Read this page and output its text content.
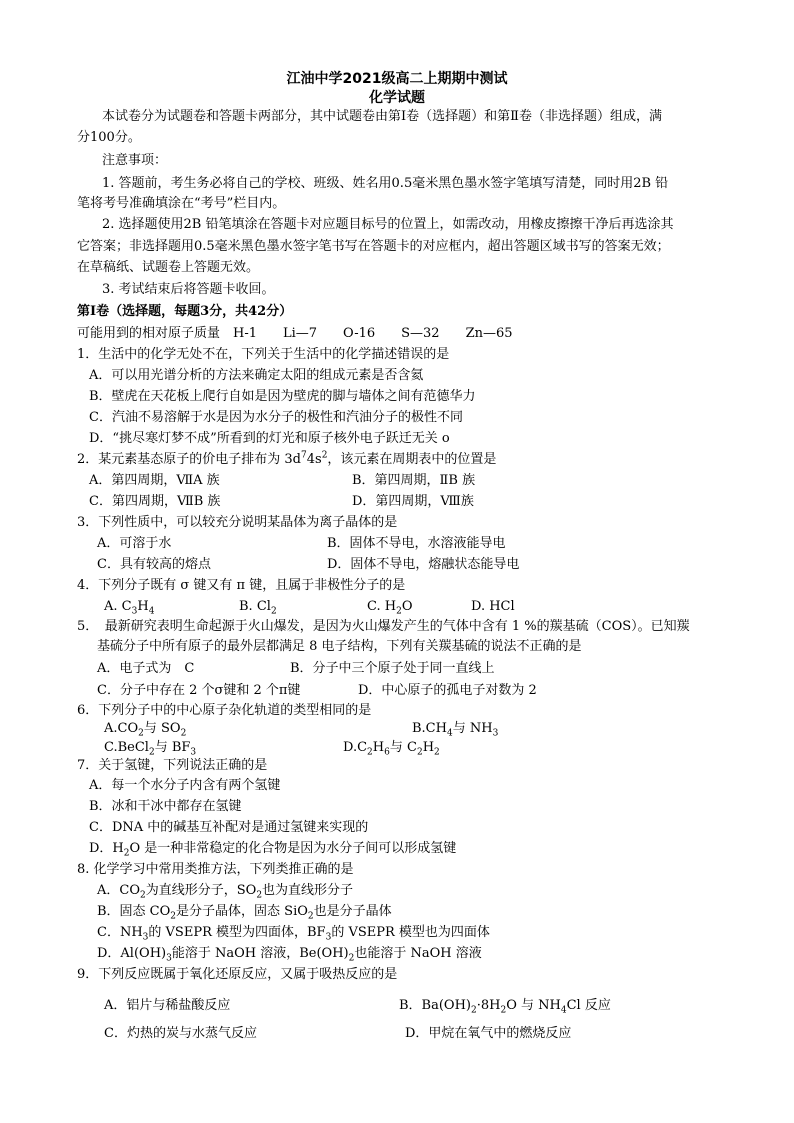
江油中学2021级高二上期期中测试
化学试题
本试卷分为试题卷和答题卡两部分，其中试题卷由第Ⅰ卷（选择题）和第Ⅱ卷（非选择题）组成，满
分100分。
注意事项：
1. 答题前，考生务必将自己的学校、班级、姓名用0.5毫米黑色墨水签字笔填写清楚，同时用2B 铅
笔将考号准确填涂在“考号”栏目内。
2. 选择题使用2B 铅笔填涂在答题卡对应题目标号的位置上，如需改动，用橡皮擦擦干净后再选涂其
它答案；非选择题用0.5毫米黑色墨水签字笔书写在答题卡的对应框内，超出答题区域书写的答案无效；
在草稿纸、试题卷上答题无效。
3. 考试结束后将答题卡收回。
第Ⅰ卷（选择题，每题3分，共42分）
可能用到的相对原子质量　H-1　　Li—7　　O-16　　S—32　　Zn—65
1．生活中的化学无处不在，下列关于生活中的化学描述错误的是
A．可以用光谱分析的方法来确定太阳的组成元素是否含氦
B．壁虎在天花板上爬行自如是因为壁虎的脚与墙体之间有范德华力
C．汽油不易溶解于水是因为水分子的极性和汽油分子的极性不同
D．“挑尽寒灯梦不成”所看到的灯光和原子核外电子跃迁无关 o
2．某元素基态原子的价电子排布为 $3d^74s^2$，该元素在周期表中的位置是
A．第四周期，ⅦA 族	B．第四周期，ⅡB 族
C．第四周期，ⅦB 族	D．第四周期，Ⅷ族
3．下列性质中，可以较充分说明某晶体为离子晶体的是
A．可溶于水	B．固体不导电，水溶液能导电
C．具有较高的熔点	D．固体不导电，熔融状态能导电
4．下列分子既有 σ 键又有 π 键，且属于非极性分子的是
A. $C_3H_4$	B. $Cl_2$	C. $H_2O$	D. HCl
5．　最新研究表明生命起源于火山爆发，是因为火山爆发产生的气体中含有 1 %的羰基硫（COS）。已知羰
基硫分子中所有原子的最外层都满足 8 电子结构，下列有关羰基硫的说法不正确的是
A．电子式为　C	B．分子中三个原子处于同一直线上
C．分子中存在 2 个σ键和 2 个π键	D．中心原子的孤电子对数为 2
6．下列分子中的中心原子杂化轨道的类型相同的是
$A.CO_2$与 $SO_2$	$B.CH_4$与 $NH_3$
C.BeCl$_2$与 $BF_3$	$D.C_2H_6$与 $C_2H_2$
7．关于氢键，下列说法正确的是
A．每一个水分子内含有两个氢键
B．冰和干冰中都存在氢键
C．DNA 中的碱基互补配对是通过氢键来实现的
D．$H_2O$ 是一种非常稳定的化合物是因为水分子间可以形成氢键
8. 化学学习中常用类推方法，下列类推正确的是
A．$CO_2$为直线形分子，$SO_2$也为直线形分子
B．固态 $CO_2$是分子晶体，固态 SiO$_2$也是分子晶体
C．$NH_3$的 VSEPR 模型为四面体，$BF_3$的 VSEPR 模型也为四面体
D．$Al(OH)_3$能溶于 NaOH 溶液，$Be(OH)_2$也能溶于 NaOH 溶液
9．下列反应既属于氧化还原反应，又属于吸热反应的是
A．铝片与稀盐酸反应	B．$Ba(OH)_2\cdot 8H_2O$ 与 $NH_4Cl$ 反应
C．灼热的炭与水蒸气反应	D．甲烷在氧气中的燃烧反应
